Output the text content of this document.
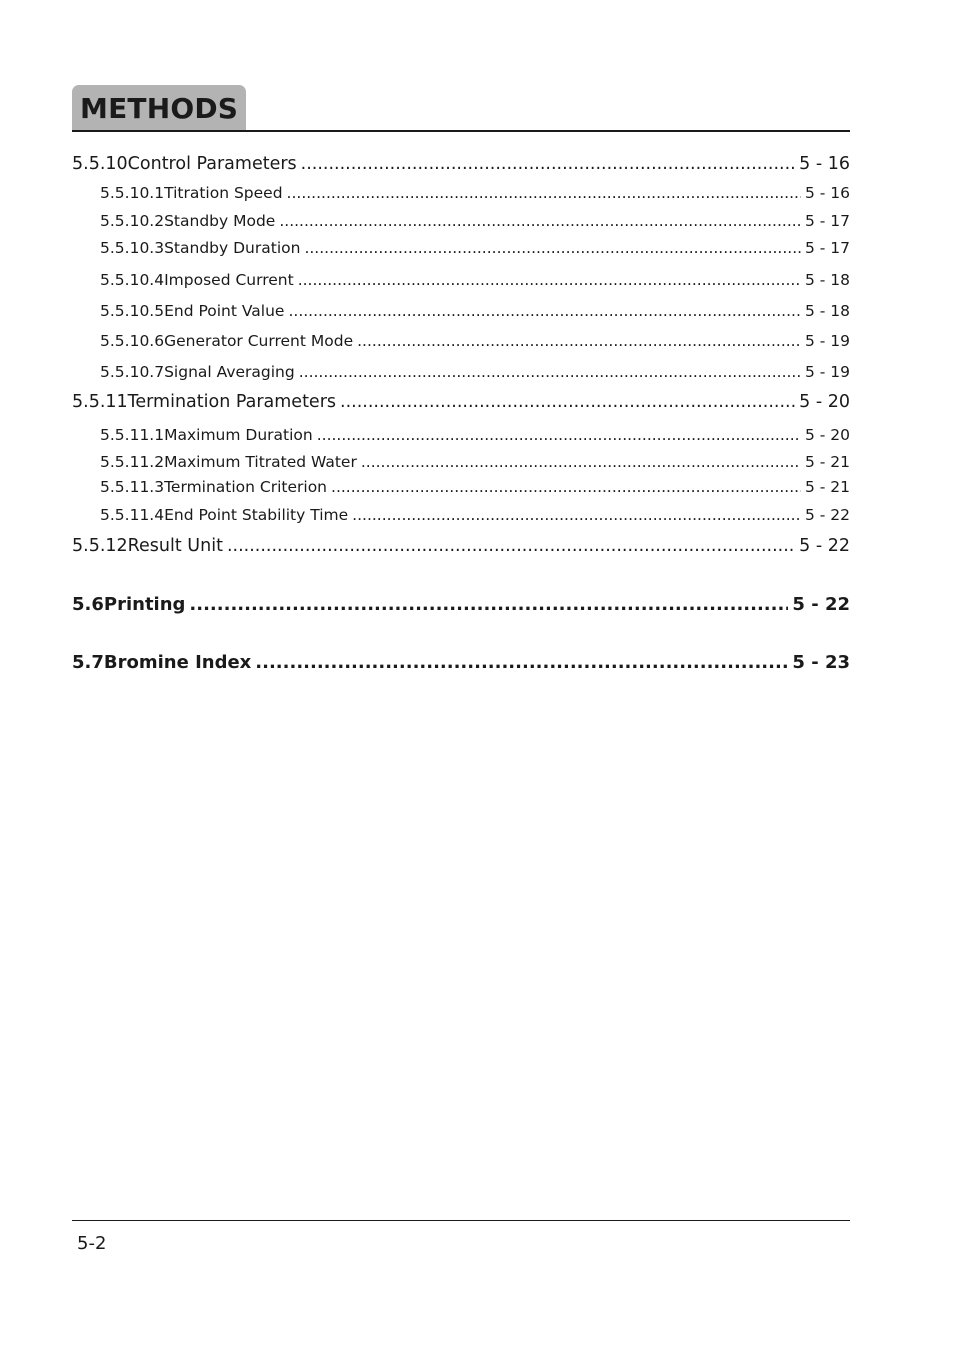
METHODS
5.5.10 Control Parameters .....	5 - 16
5.5.10.1 Titration Speed .....	5 - 16
5.5.10.2 Standby Mode .....	5 - 17
5.5.10.3 Standby Duration .....	5 - 17
5.5.10.4 Imposed Current .....	5 - 18
5.5.10.5 End Point Value .....	5 - 18
5.5.10.6 Generator Current Mode .....	5 - 19
5.5.10.7 Signal Averaging .....	5 - 19
5.5.11 Termination Parameters .....	5 - 20
5.5.11.1 Maximum Duration .....	5 - 20
5.5.11.2 Maximum Titrated Water .....	5 - 21
5.5.11.3 Termination Criterion .....	5 - 21
5.5.11.4 End Point Stability Time .....	5 - 22
5.5.12 Result Unit .....	5 - 22
5.6 Printing .....	5 - 22
5.7 Bromine Index .....	5 - 23
5-2
